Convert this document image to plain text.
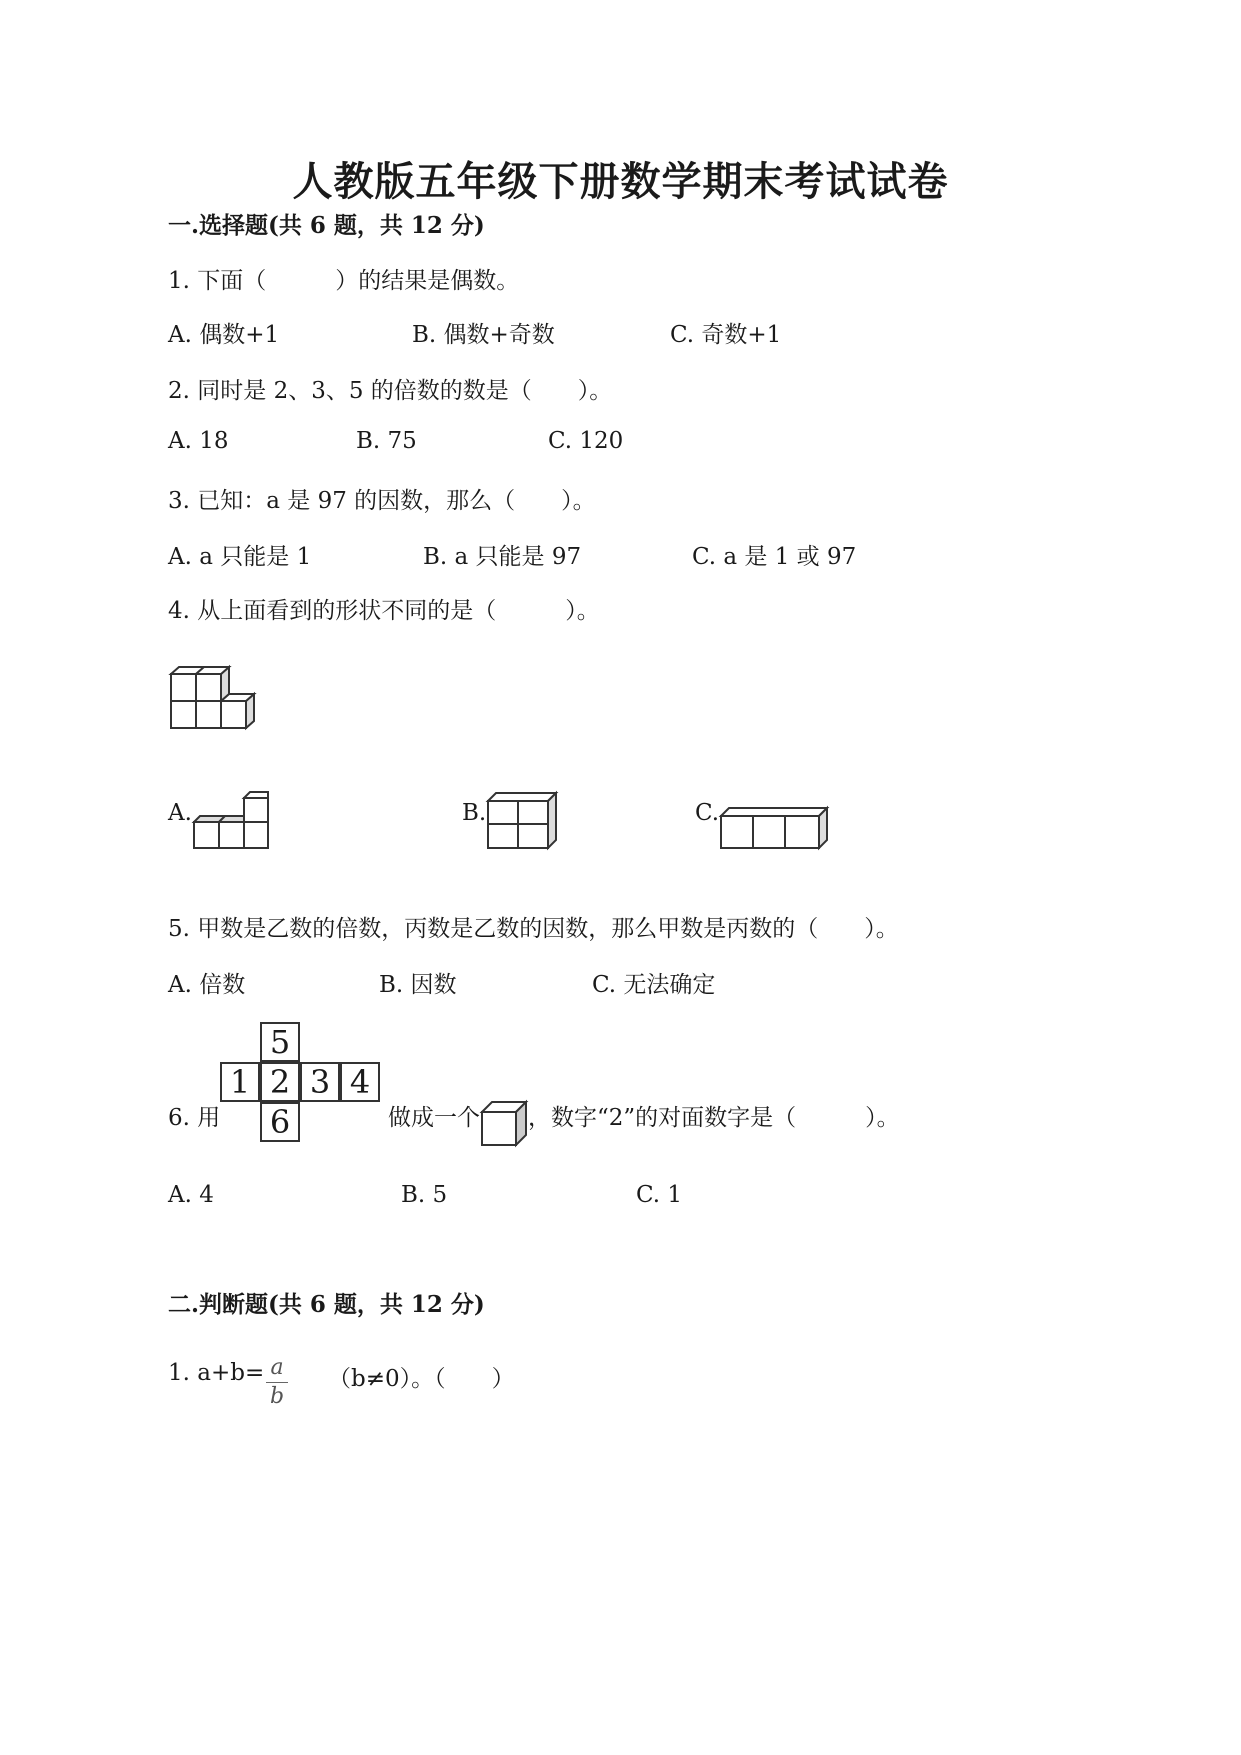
人教版五年级下册数学期末考试试卷
一.选择题(共 6 题，共 12 分)
1. 下面（　　　）的结果是偶数。
A. 偶数+1	B. 偶数+奇数	C. 奇数+1
2. 同时是 2、3、5 的倍数的数是（　　）。
A. 18	B. 75	C. 120
3. 已知：a 是 97 的因数，那么（　　）。
A. a 只能是 1	B. a 只能是 97	C. a 是 1 或 97
4. 从上面看到的形状不同的是（　　　）。
A.	B.	C.
5. 甲数是乙数的倍数，丙数是乙数的因数，那么甲数是丙数的（　　）。
A. 倍数	B. 因数	C. 无法确定
6. 用
5
1 2 3 4
6	做成一个 ，数字“2”的对面数字是（　　　）。
A. 4	B. 5	C. 1
二.判断题(共 6 题，共 12 分)
1. a+b= a
b
（b≠0）。（　　）
